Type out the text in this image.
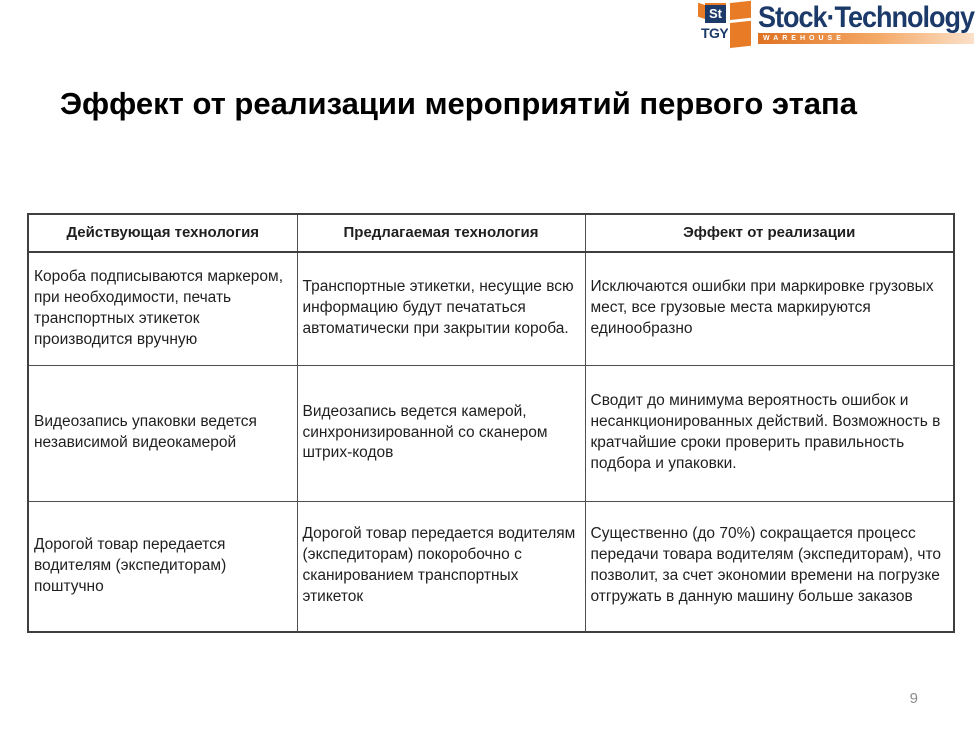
St
TGY Stock·Technology
WAREHOUSE
Эффект от реализации мероприятий первого этапа
Действующая технология	Предлагаемая технология	Эффект от реализации
Короба подписываются маркером, при необходимости, печать транспортных этикеток производится вручную	Транспортные этикетки, несущие всю информацию будут печататься автоматически при закрытии короба.	Исключаются ошибки при маркировке грузовых мест, все грузовые места маркируются единообразно
Видеозапись упаковки ведется независимой видеокамерой	Видеозапись ведется камерой, синхронизированной со сканером штрих-кодов	Сводит до минимума вероятность ошибок и несанкционированных действий. Возможность в кратчайшие сроки проверить правильность подбора и упаковки.
Дорогой товар передается водителям (экспедиторам) поштучно	Дорогой товар передается водителям (экспедиторам) покоробочно с сканированием транспортных этикеток	Существенно (до 70%) сокращается процесс передачи товара водителям (экспедиторам), что позволит, за счет экономии времени на погрузке отгружать в данную машину больше заказов
9
